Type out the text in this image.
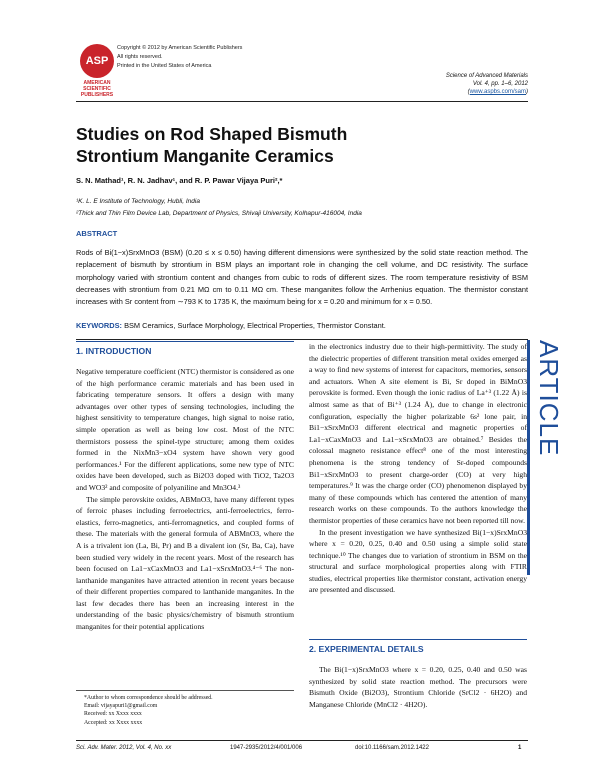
ASP
AMERICAN
SCIENTIFIC
PUBLISHERS
Copyright © 2012 by American Scientific Publishers
All rights reserved.
Printed in the United States of America
Science of Advanced Materials
Vol. 4, pp. 1–6, 2012
(www.aspbs.com/sam)
Studies on Rod Shaped Bismuth
Strontium Manganite Ceramics
S. N. Mathad¹, R. N. Jadhav¹, and R. P. Pawar Vijaya Puri²,*
¹K. L. E Institute of Technology, Hubli, India
²Thick and Thin Film Device Lab, Department of Physics, Shivaji University, Kolhapur-416004, India
ABSTRACT
Rods of Bi(1−x)SrxMnO3 (BSM) (0.20 ≤ x ≤ 0.50) having different dimensions were synthesized by the solid state reaction method. The replacement of bismuth by strontium in BSM plays an important role in changing the cell volume, and DC resistivity. The surface morphology varied with strontium content and changes from cubic to rods of different sizes. The room temperature resistivity of BSM decreases with strontium from 0.21 MΩ cm to 0.11 MΩ cm. These manganites follow the Arrhenius equation. The thermistor constant increases with Sr content from ∼793 K to 1735 K, the maximum being for x = 0.20 and minimum for x = 0.50.
KEYWORDS: BSM Ceramics, Surface Morphology, Electrical Properties, Thermistor Constant.
ARTICLE
1. INTRODUCTION

Negative temperature coefficient (NTC) thermistor is considered as one of the high performance ceramic materials and has been used in fabricating temperature sensors. It offers a design with many advantages over other types of sensing technologies, including the highest sensitivity to temperature changes, high signal to noise ratio, simple operation as well as being low cost. Most of the NTC thermistors possess the spinel-type structure; among them oxides formed in the NixMn3−xO4 system have shown very good performances.¹ For the different applications, some new type of NTC oxides have been developed, such as Bi2O3 doped with TiO2, Ta2O3 and WO3² and composite of polyaniline and Mn3O4.³

The simple perovskite oxides, ABMnO3, have many different types of ferroic phases including ferroelectrics, anti-ferroelectrics, ferro-elastics, ferro-magnetics, anti-ferromagnetics, and coupled forms of these. The materials with the general formula of ABMnO3, where the A is a trivalent ion (La, Bi, Pr) and B a divalent ion (Sr, Ba, Ca), have been studied very widely in the recent years. Most of the research has been focused on La1−xCaxMnO3 and La1−xSrxMnO3.⁴⁻⁶ The non-lanthanide manganites have attracted attention in recent years because of their different properties compared to lanthanide manganites. In the last few decades there has been an increasing interest in the understanding of the basic physics/chemistry of bismuth strontium manganites for their potential applications

*Author to whom correspondence should be addressed.
Email: vijayapuri1@gmail.com
Received: xx Xxxx xxxx
Accepted: xx Xxxx xxxx

in the electronics industry due to their high-permittivity. The study of the dielectric properties of different transition metal oxides emerged as a way to find new systems of interest for capacitors, memories, sensors and actuators. When A site element is Bi, Sr doped in BiMnO3 perovskite is formed. Even though the ionic radius of La⁺³ (1.22 Å) is almost same as that of Bi⁺³ (1.24 Å), due to change in electronic configuration, especially the higher polarizable 6s² lone pair, in Bi1−xSrxMnO3 different electrical and magnetic properties of La1−xCaxMnO3 and La1−xSrxMnO3 are obtained.⁷ Besides the colossal magneto resistance effect⁸ one of the most interesting phenomena is the strong tendency of Sr-doped compounds Bi1−xSrxMnO3 to present charge-order (CO) at very high temperatures.⁹ It was the charge order (CO) phenomenon displayed by many of these compounds which has centered the attention of many research works on these compounds. To the authors knowledge the thermistor properties of these ceramics have not been reported till now.

In the present investigation we have synthesized Bi(1−x)SrxMnO3 where x = 0.20, 0.25, 0.40 and 0.50 using a simple solid state technique.¹⁰ The changes due to variation of strontium in BSM on the structural and surface morphological properties along with FTIR studies, electrical properties like thermistor constant, activation energy are presented and discussed.

2. EXPERIMENTAL DETAILS
The Bi(1−x)SrxMnO3 where x = 0.20, 0.25, 0.40 and 0.50 was synthesized by solid state reaction method. The precursors were Bismuth Oxide (Bi2O3), Strontium Chloride (SrCl2 · 6H2O) and Manganese Chloride (MnCl2 · 4H2O).
Sci. Adv. Mater. 2012, Vol. 4, No. xx	1947-2935/2012/4/001/006	doi:10.1166/sam.2012.1422	1
